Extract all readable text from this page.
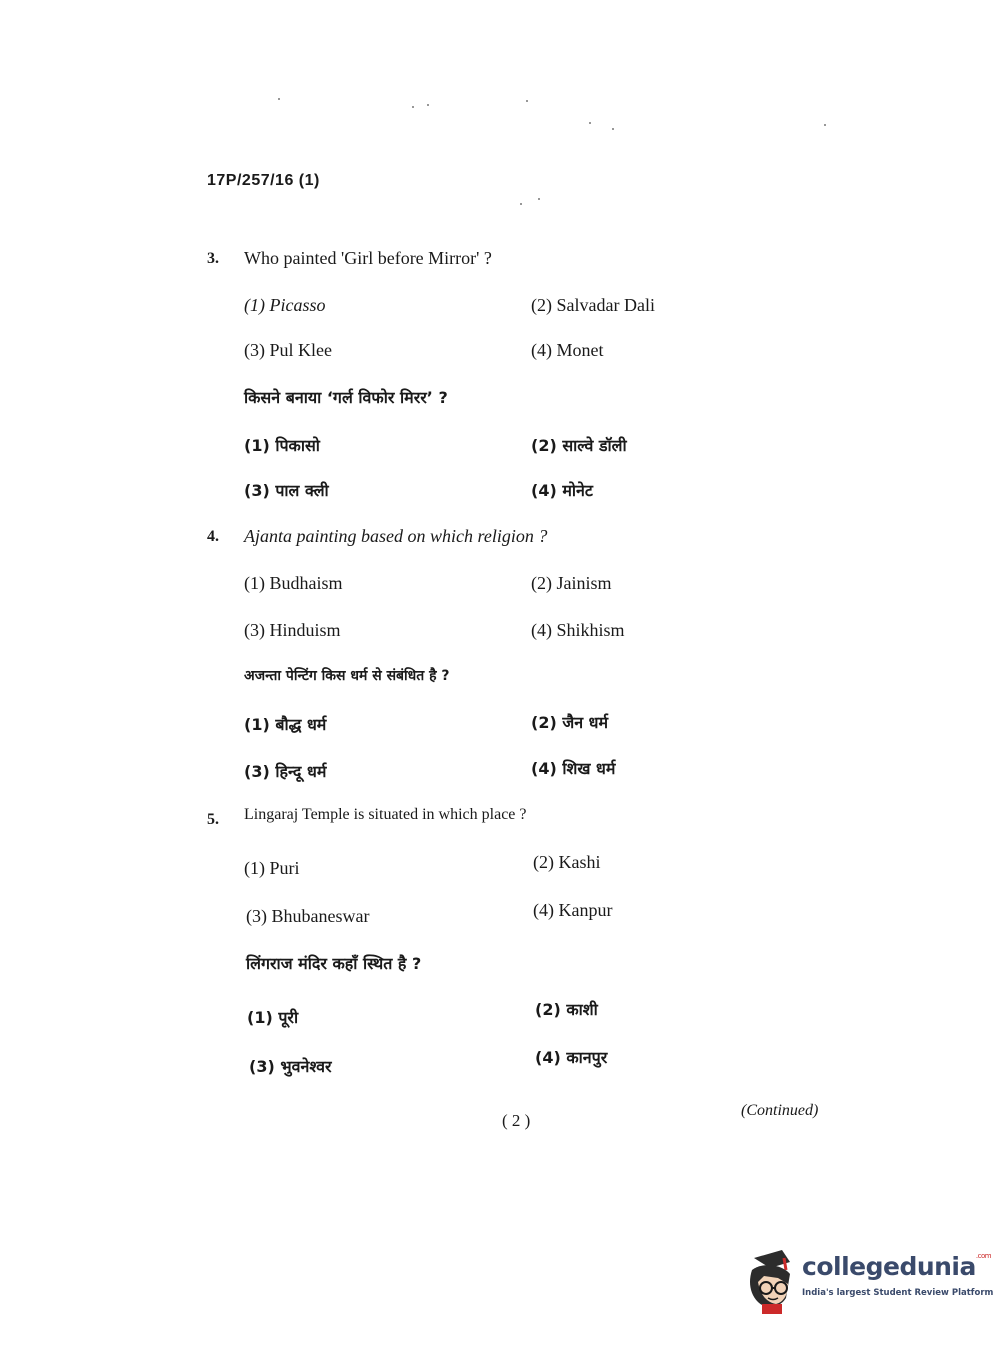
17P/257/16 (1)
3. Who painted 'Girl before Mirror' ?
(1) Picasso	(2) Salvadar Dali
(3) Pul Klee	(4) Monet
किसने बनाया ‘गर्ल विफोर मिरर’ ?
(1) पिकासो	(2) साल्वे डॉली
(3) पाल क्ली	(4) मोनेट
4. Ajanta painting based on which religion ?
(1) Budhaism	(2) Jainism
(3) Hinduism	(4) Shikhism
अजन्ता पेन्टिंग किस धर्म से संबंधित है ?
(1) बौद्ध धर्म	(2) जैन धर्म
(3) हिन्दू धर्म	(4) शिख धर्म
5. Lingaraj Temple is situated in which place ?
(1) Puri	(2) Kashi
(3) Bhubaneswar	(4) Kanpur
लिंगराज मंदिर कहाँ स्थित है ?
(1) पूरी	(2) काशी
(3) भुवनेश्वर	(4) कानपुर
( 2 )
(Continued)
collegedunia$^{.com}$
India's largest Student Review Platform
